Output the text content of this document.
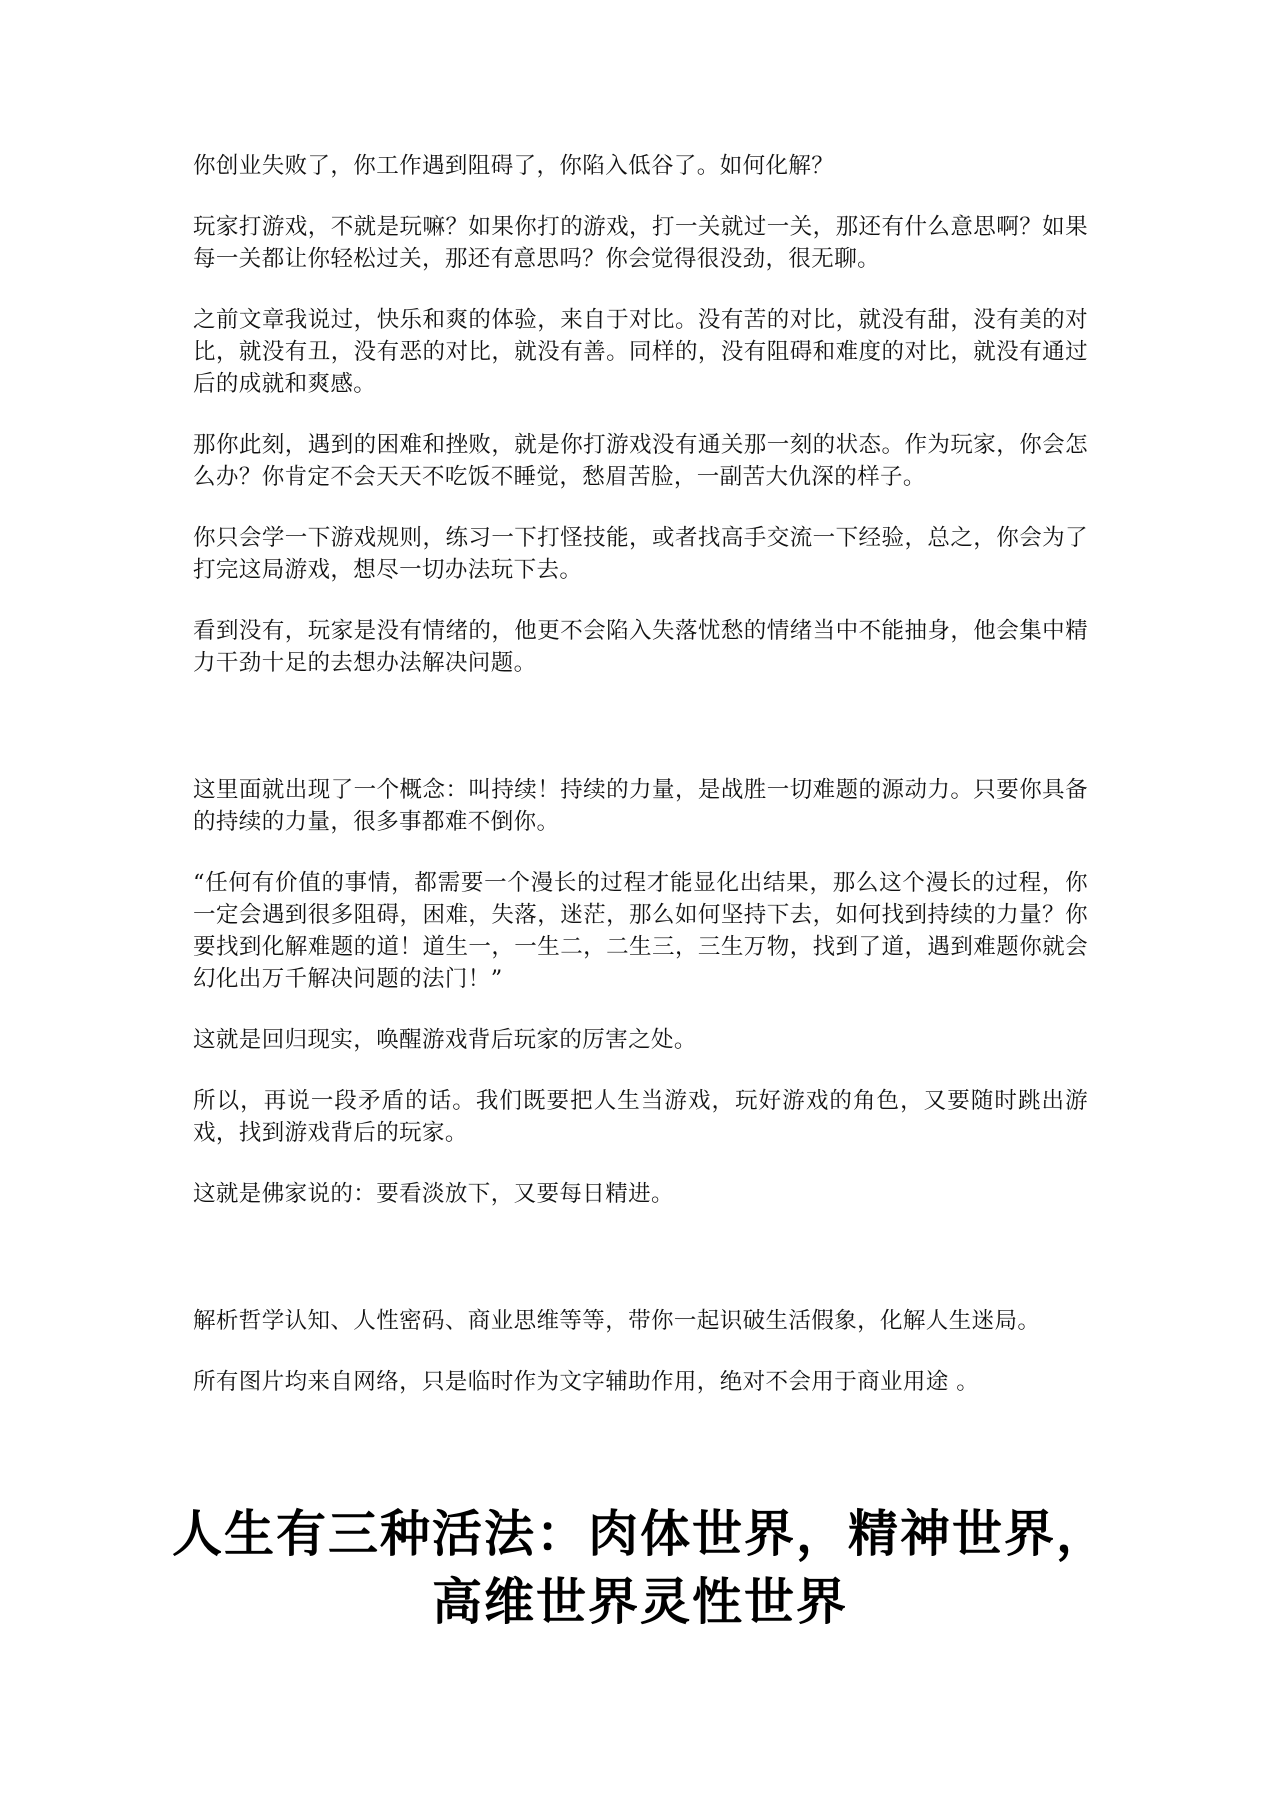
你创业失败了，你工作遇到阻碍了，你陷入低谷了。如何化解？

玩家打游戏，不就是玩嘛？如果你打的游戏，打一关就过一关，那还有什么意思啊？如果每一关都让你轻松过关，那还有意思吗？你会觉得很没劲，很无聊。

之前文章我说过，快乐和爽的体验，来自于对比。没有苦的对比，就没有甜，没有美的对比，就没有丑，没有恶的对比，就没有善。同样的，没有阻碍和难度的对比，就没有通过后的成就和爽感。

那你此刻，遇到的困难和挫败，就是你打游戏没有通关那一刻的状态。作为玩家，你会怎么办？你肯定不会天天不吃饭不睡觉，愁眉苦脸，一副苦大仇深的样子。

你只会学一下游戏规则，练习一下打怪技能，或者找高手交流一下经验，总之，你会为了打完这局游戏，想尽一切办法玩下去。

看到没有，玩家是没有情绪的，他更不会陷入失落忧愁的情绪当中不能抽身，他会集中精力干劲十足的去想办法解决问题。

这里面就出现了一个概念：叫持续！持续的力量，是战胜一切难题的源动力。只要你具备的持续的力量，很多事都难不倒你。

“任何有价值的事情，都需要一个漫长的过程才能显化出结果，那么这个漫长的过程，你一定会遇到很多阻碍，困难，失落，迷茫，那么如何坚持下去，如何找到持续的力量？你要找到化解难题的道！道生一，一生二，二生三，三生万物，找到了道，遇到难题你就会幻化出万千解决问题的法门！”

这就是回归现实，唤醒游戏背后玩家的厉害之处。

所以，再说一段矛盾的话。我们既要把人生当游戏，玩好游戏的角色，又要随时跳出游戏，找到游戏背后的玩家。

这就是佛家说的：要看淡放下，又要每日精进。

解析哲学认知、人性密码、商业思维等等，带你一起识破生活假象，化解人生迷局。

所有图片均来自网络，只是临时作为文字辅助作用，绝对不会用于商业用途 。

人生有三种活法：肉体世界，精神世界，
高维世界灵性世界
